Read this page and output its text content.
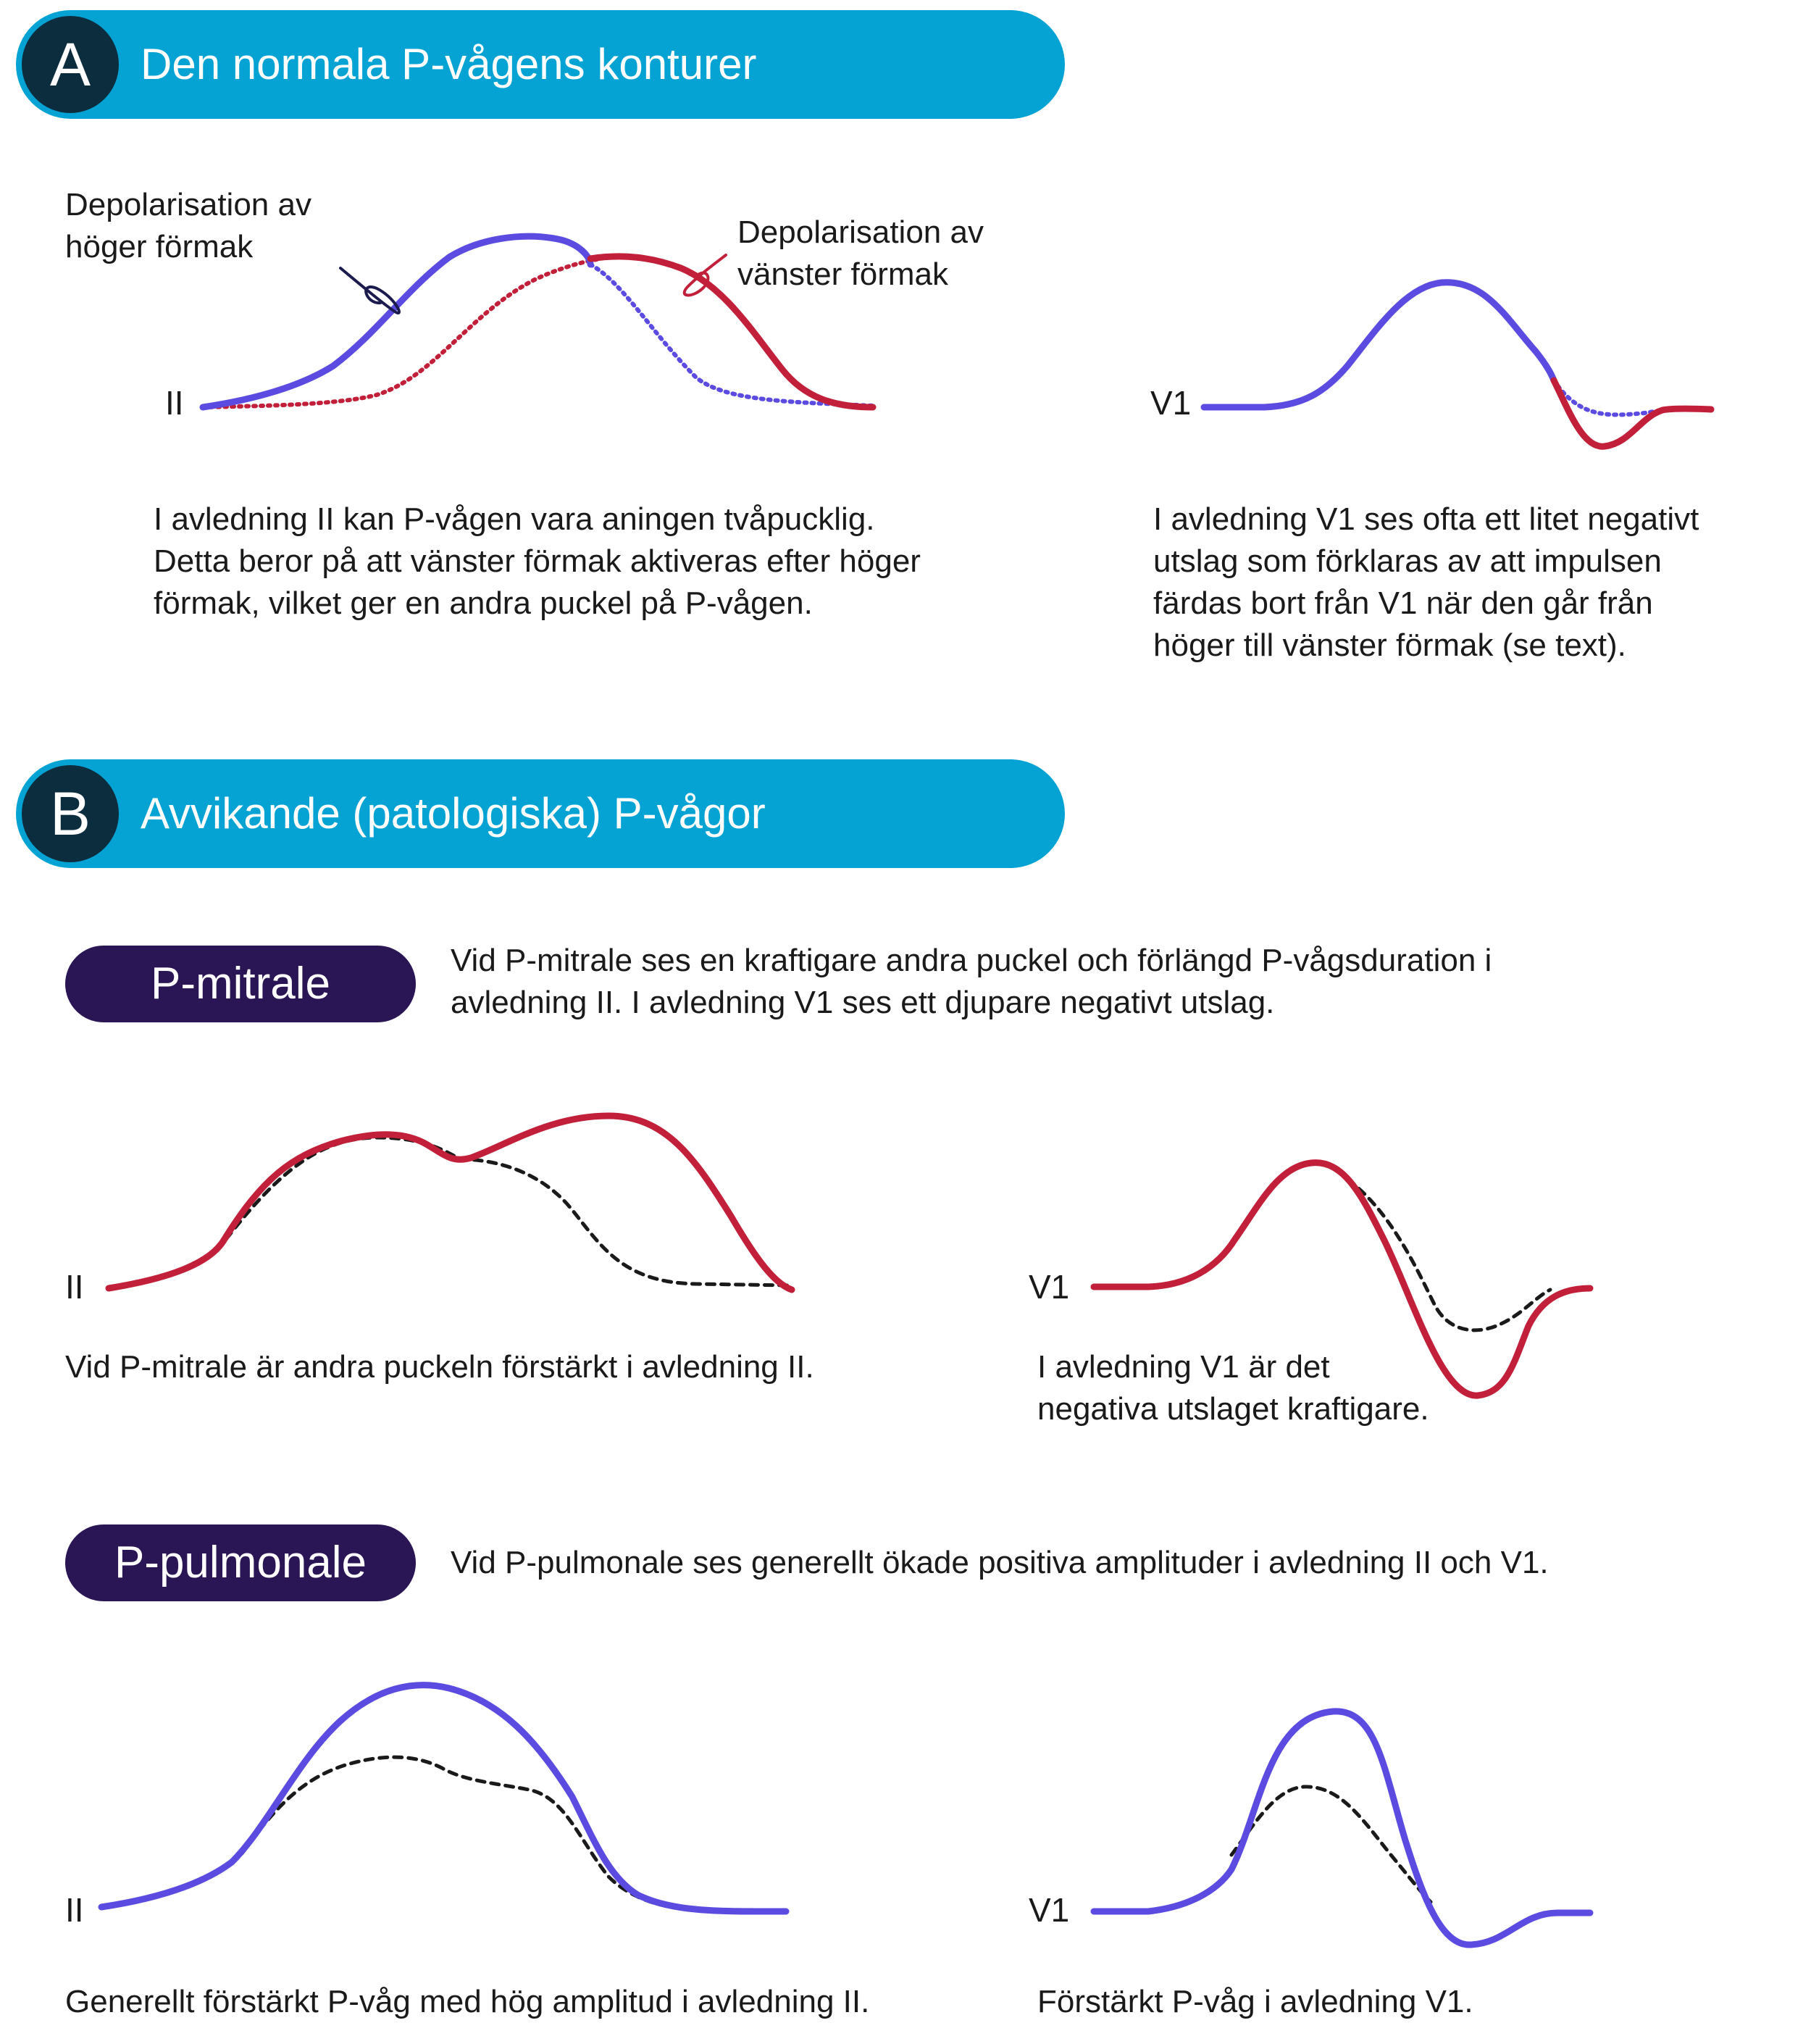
A	Den normala P-vågens konturer
Depolarisation av
höger förmak	Depolarisation av
vänster förmak
II	V1
I avledning II kan P-vågen vara aningen tvåpucklig.
Detta beror på att vänster förmak aktiveras efter höger
förmak, vilket ger en andra puckel på P-vågen.
I avledning V1 ses ofta ett litet negativt
utslag som förklaras av att impulsen
färdas bort från V1 när den går från
höger till vänster förmak (se text).
B	Avvikande (patologiska) P-vågor
P-mitrale	Vid P-mitrale ses en kraftigare andra puckel och förlängd P-vågsduration i
avledning II. I avledning V1 ses ett djupare negativt utslag.
II	V1
Vid P-mitrale är andra puckeln förstärkt i avledning II.	I avledning V1 är det
negativa utslaget kraftigare.
P-pulmonale	Vid P-pulmonale ses generellt ökade positiva amplituder i avledning II och V1.
II	V1
Generellt förstärkt P-våg med hög amplitud i avledning II.	Förstärkt P-våg i avledning V1.
